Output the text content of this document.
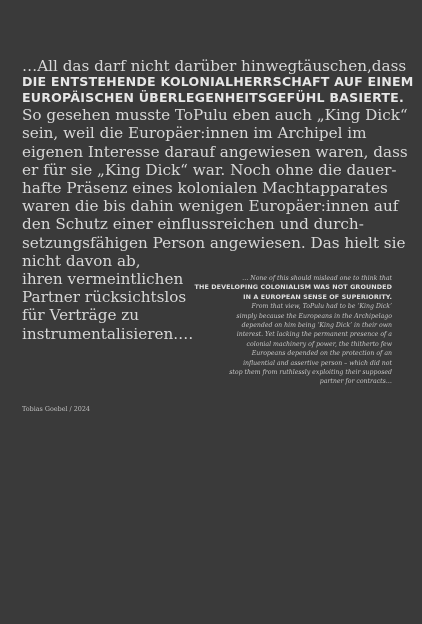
…All das darf nicht darüber hinwegtäuschen,dass
DIE ENTSTEHENDE KOLONIALHERRSCHAFT AUF EINEM
EUROPÄISCHEN ÜBERLEGENHEITSGEFÜHL BASIERTE.
So gesehen musste ToPulu eben auch „King Dick“
sein, weil die Europäer:innen im Archipel im
eigenen Interesse darauf angewiesen waren, dass
er für sie „King Dick“ war. Noch ohne die dauer-
hafte Präsenz eines kolonialen Machtapparates
waren die bis dahin wenigen Europäer:innen auf
den Schutz einer einflussreichen und durch-
setzungsfähigen Person angewiesen. Das hielt sie
nicht davon ab,
ihren vermeintlichen
Partner rücksichtslos
für Verträge zu
instrumentalisieren.…
… None of this should mislead one to think that
THE DEVELOPING COLONIALISM WAS NOT GROUNDED
IN A EUROPEAN SENSE OF SUPERIORITY.
From that view, ToPulu had to be ‘King Dick’
simply because the Europeans in the Archipelago
depended on him being ‘King Dick’ in their own
interest. Yet lacking the permanent presence of a
colonial machinery of power, the thitherto few
Europeans depended on the protection of an
influential and assertive person – which did not
stop them from ruthlessly exploiting their supposed
partner for contracts…
Tobias Goebel / 2024
